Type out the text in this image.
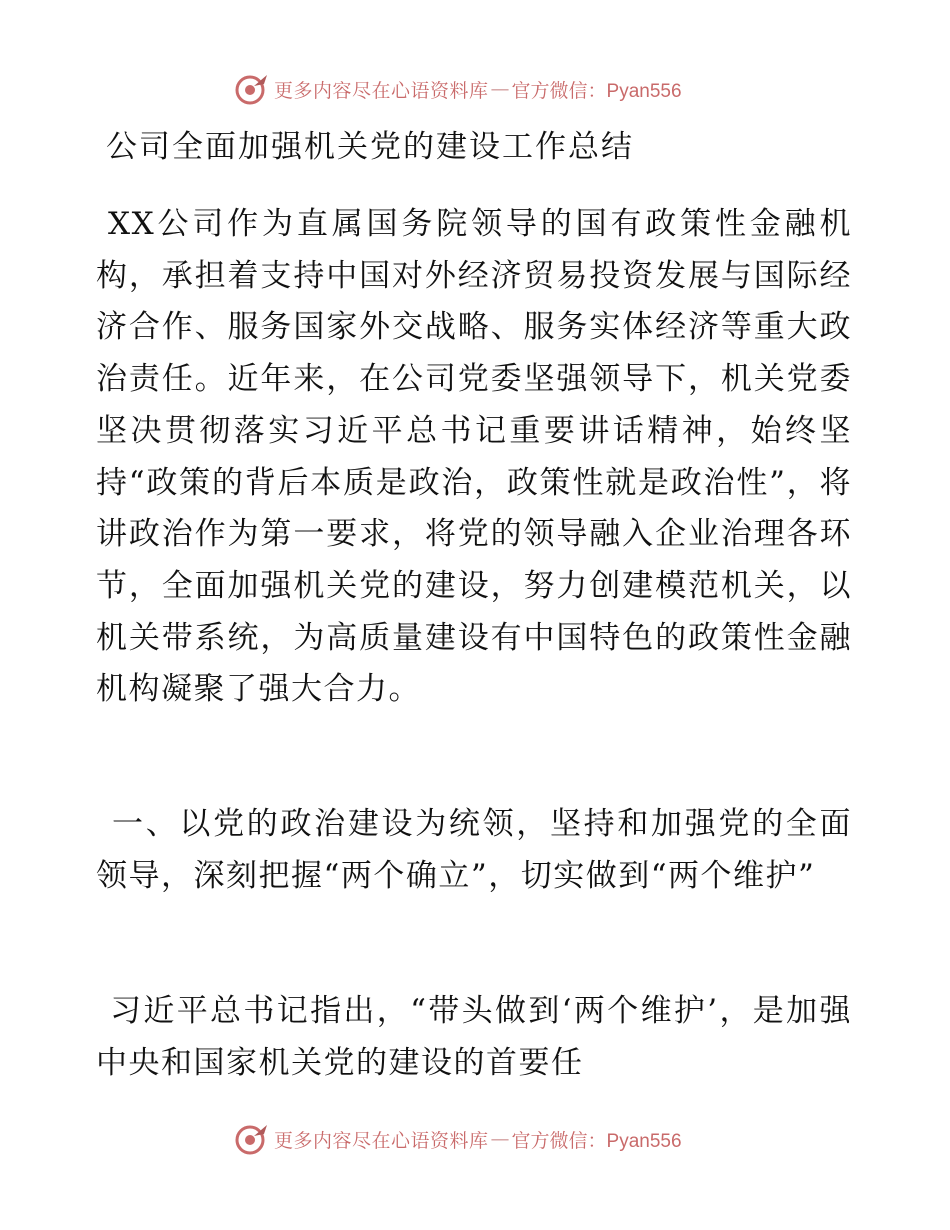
更多内容尽在心语资料库 — 官方微信：Pyan556
公司全面加强机关党的建设工作总结

XX公司作为直属国务院领导的国有政策性金融机构，承担着支持中国对外经济贸易投资发展与国际经济合作、服务国家外交战略、服务实体经济等重大政治责任。近年来，在公司党委坚强领导下，机关党委坚决贯彻落实习近平总书记重要讲话精神，始终坚持“政策的背后本质是政治，政策性就是政治性”，将讲政治作为第一要求，将党的领导融入企业治理各环节，全面加强机关党的建设，努力创建模范机关，以机关带系统，为高质量建设有中国特色的政策性金融机构凝聚了强大合力。

一、以党的政治建设为统领，坚持和加强党的全面领导，深刻把握“两个确立”，切实做到“两个维护”

习近平总书记指出，“带头做到‘两个维护’，是加强中央和国家机关党的建设的首要任

更多内容尽在心语资料库 — 官方微信：Pyan556
